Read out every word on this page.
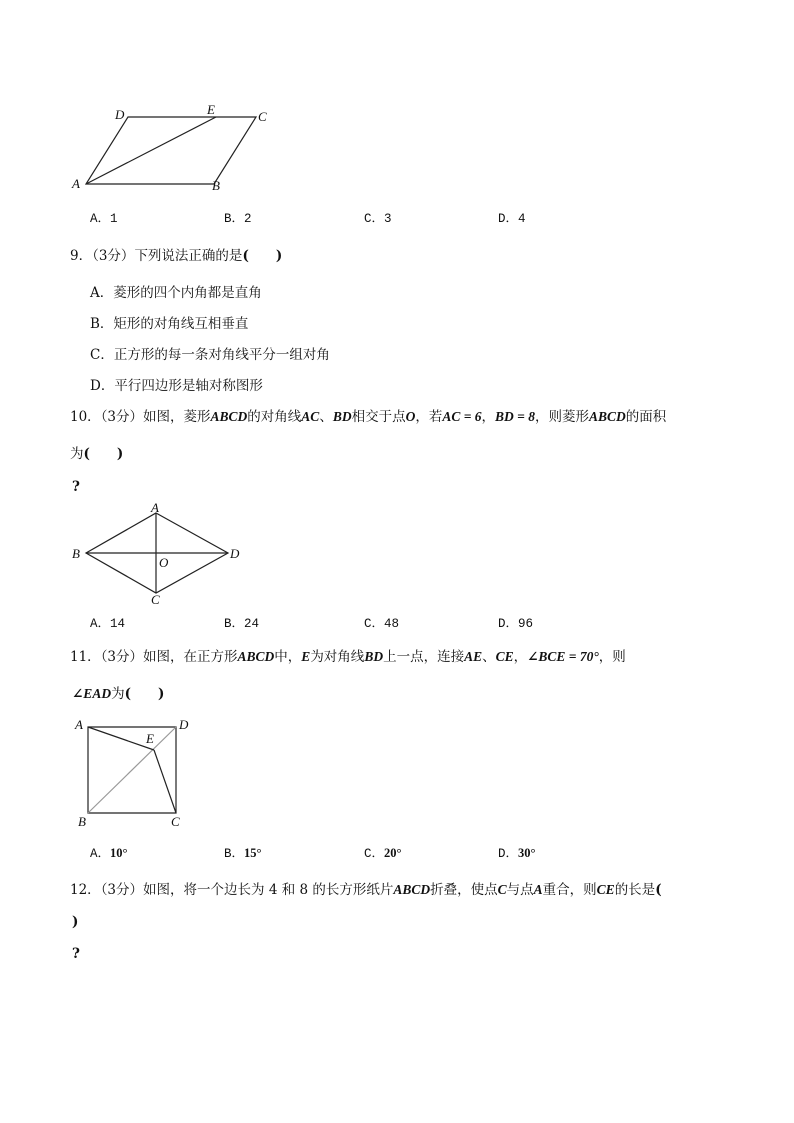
D	E	C
A	B
A．1	B．2	C．3	D．4
9．（3分）下列说法正确的是(　　)
A．菱形的四个内角都是直角
B．矩形的对角线互相垂直
C．正方形的每一条对角线平分一组对角
D．平行四边形是轴对称图形
10．（3分）如图，菱形ABCD的对角线AC、BD相交于点O，若AC = 6，BD = 8，则菱形ABCD的面积
为(　　)
?
A
B	D
O
C
A．14	B．24	C．48	D．96
11．（3分）如图，在正方形ABCD中，E为对角线BD上一点，连接AE、CE，∠BCE = 70°，则
∠EAD为(　　)
A	D
E
B	C
A．10°	B．15°	C．20°	D．30°
12．（3分）如图，将一个边长为 4 和 8 的长方形纸片ABCD折叠，使点C与点A重合，则CE的长是(
)
?
